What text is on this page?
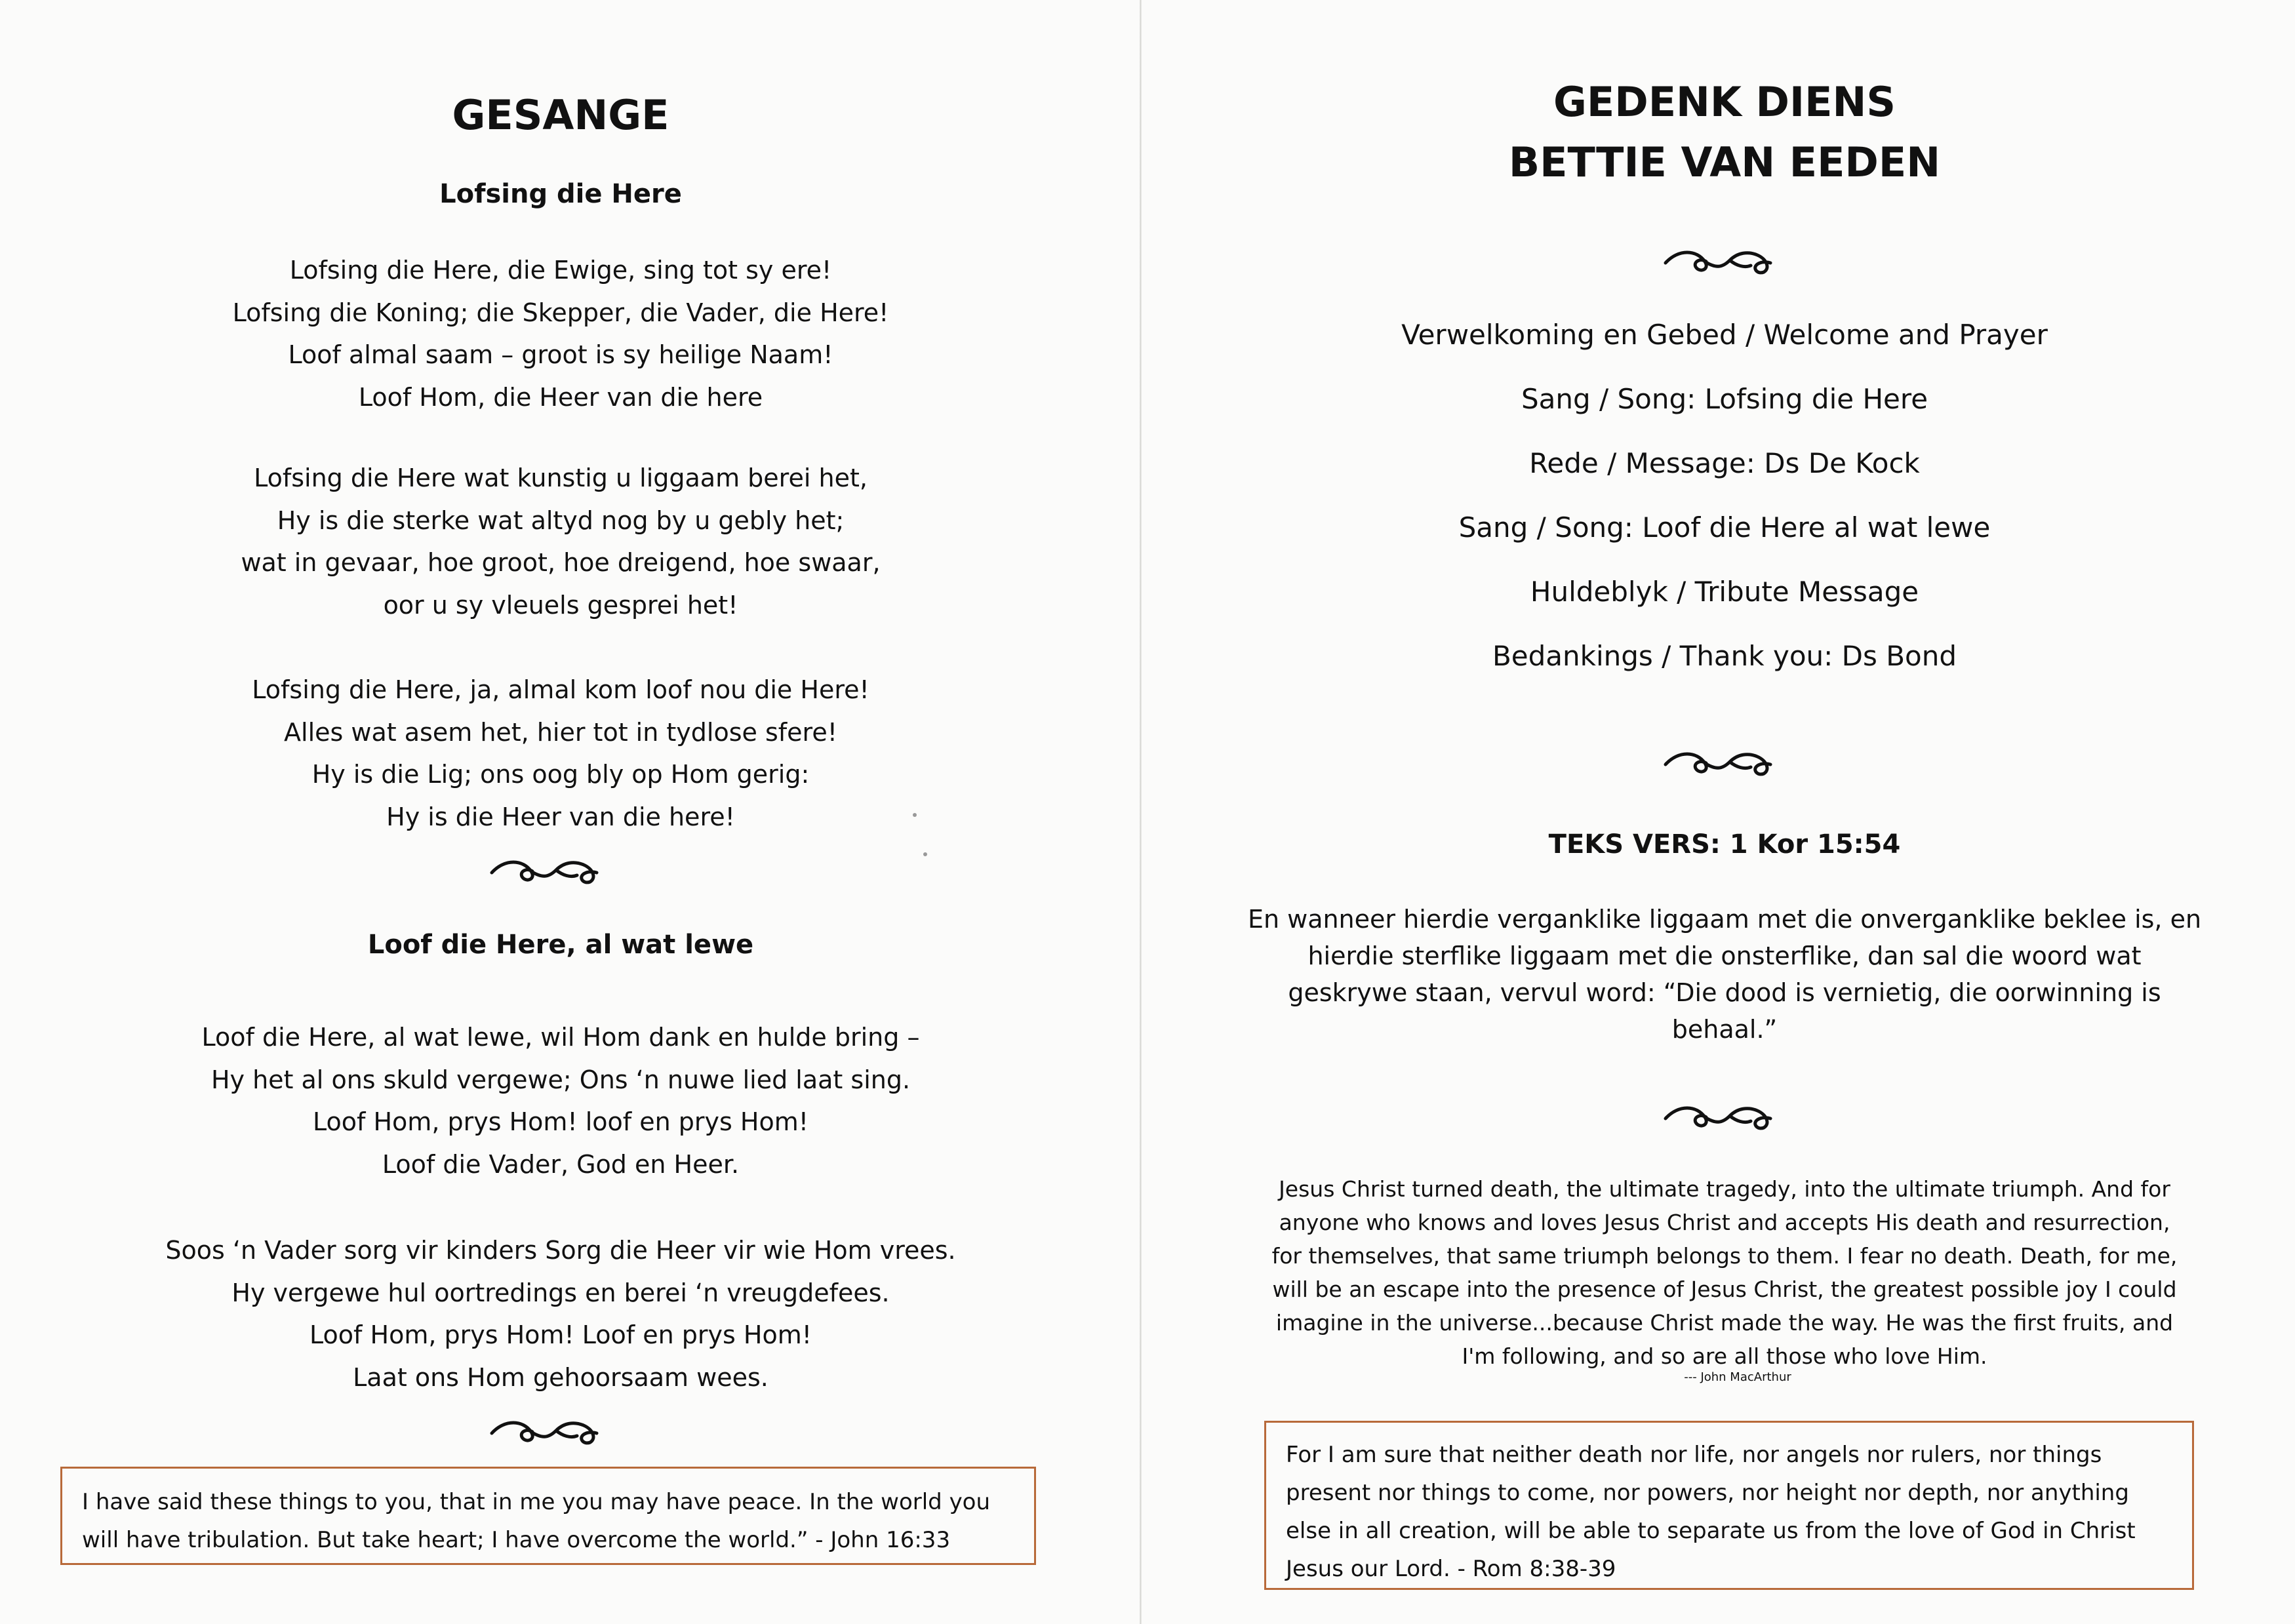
GESANGE
Lofsing die Here
Lofsing die Here, die Ewige, sing tot sy ere!
Lofsing die Koning; die Skepper, die Vader, die Here!
Loof almal saam – groot is sy heilige Naam!
Loof Hom, die Heer van die here
Lofsing die Here wat kunstig u liggaam berei het,
Hy is die sterke wat altyd nog by u gebly het;
wat in gevaar, hoe groot, hoe dreigend, hoe swaar,
oor u sy vleuels gesprei het!
Lofsing die Here, ja, almal kom loof nou die Here!
Alles wat asem het, hier tot in tydlose sfere!
Hy is die Lig; ons oog bly op Hom gerig:
Hy is die Heer van die here!
Loof die Here, al wat lewe
Loof die Here, al wat lewe, wil Hom dank en hulde bring –
Hy het al ons skuld vergewe; Ons ‘n nuwe lied laat sing.
Loof Hom, prys Hom! loof en prys Hom!
Loof die Vader, God en Heer.
Soos ‘n Vader sorg vir kinders Sorg die Heer vir wie Hom vrees.
Hy vergewe hul oortredings en berei ‘n vreugdefees.
Loof Hom, prys Hom! Loof en prys Hom!
Laat ons Hom gehoorsaam wees.
I have said these things to you, that in me you may have peace. In the world you
will have tribulation. But take heart; I have overcome the world.” - John 16:33
GEDENK DIENS
BETTIE VAN EEDEN
Verwelkoming en Gebed / Welcome and Prayer
Sang / Song: Lofsing die Here
Rede / Message: Ds De Kock
Sang / Song: Loof die Here al wat lewe
Huldeblyk / Tribute Message
Bedankings / Thank you: Ds Bond
TEKS VERS: 1 Kor 15:54
En wanneer hierdie verganklike liggaam met die onverganklike beklee is, en
hierdie sterflike liggaam met die onsterflike, dan sal die woord wat
geskrywe staan, vervul word: “Die dood is vernietig, die oorwinning is
behaal.”
Jesus Christ turned death, the ultimate tragedy, into the ultimate triumph. And for
anyone who knows and loves Jesus Christ and accepts His death and resurrection,
for themselves, that same triumph belongs to them. I fear no death. Death, for me,
will be an escape into the presence of Jesus Christ, the greatest possible joy I could
imagine in the universe...because Christ made the way. He was the first fruits, and
I'm following, and so are all those who love Him.
--- John MacArthur
For I am sure that neither death nor life, nor angels nor rulers, nor things
present nor things to come, nor powers, nor height nor depth, nor anything
else in all creation, will be able to separate us from the love of God in Christ
Jesus our Lord. - Rom 8:38-39
